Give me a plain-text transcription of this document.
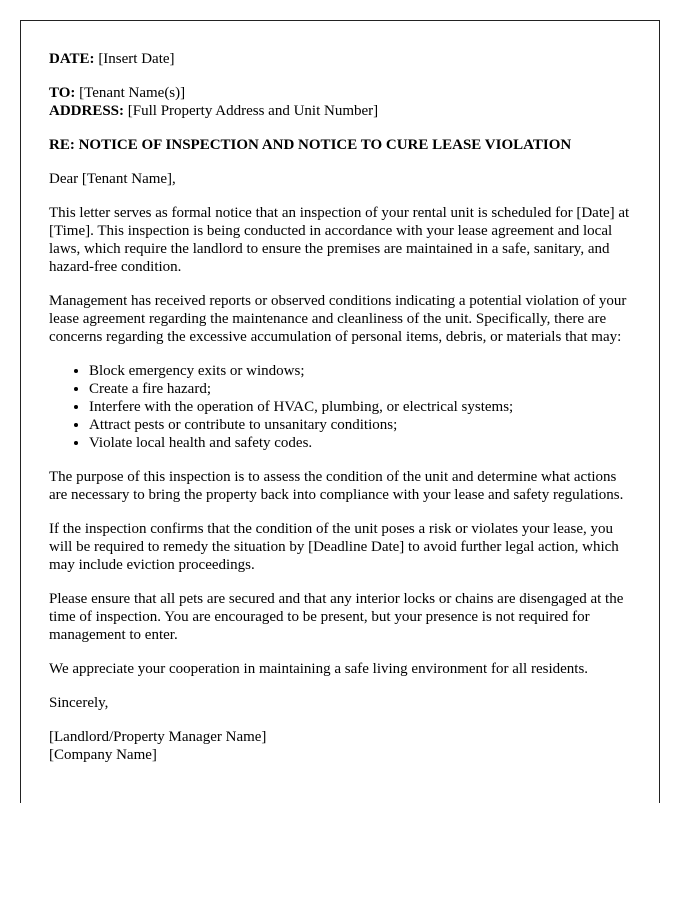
DATE: [Insert Date]

TO: [Tenant Name(s)]

ADDRESS: [Full Property Address and Unit Number]

RE: NOTICE OF INSPECTION AND NOTICE TO CURE LEASE VIOLATION

Dear [Tenant Name],

This letter serves as formal notice that an inspection of your rental unit is scheduled for [Date] at [Time]. This inspection is being conducted in accordance with your lease agreement and local laws, which require the landlord to ensure the premises are maintained in a safe, sanitary, and hazard-free condition.

Management has received reports or observed conditions indicating a potential violation of your lease agreement regarding the maintenance and cleanliness of the unit. Specifically, there are concerns regarding the excessive accumulation of personal items, debris, or materials that may:

• Block emergency exits or windows;
• Create a fire hazard;
• Interfere with the operation of HVAC, plumbing, or electrical systems;
• Attract pests or contribute to unsanitary conditions;
• Violate local health and safety codes.

The purpose of this inspection is to assess the condition of the unit and determine what actions are necessary to bring the property back into compliance with your lease and safety regulations.

If the inspection confirms that the condition of the unit poses a risk or violates your lease, you will be required to remedy the situation by [Deadline Date] to avoid further legal action, which may include eviction proceedings.

Please ensure that all pets are secured and that any interior locks or chains are disengaged at the time of inspection. You are encouraged to be present, but your presence is not required for management to enter.

We appreciate your cooperation in maintaining a safe living environment for all residents.

Sincerely,

[Landlord/Property Manager Name]

[Company Name]
